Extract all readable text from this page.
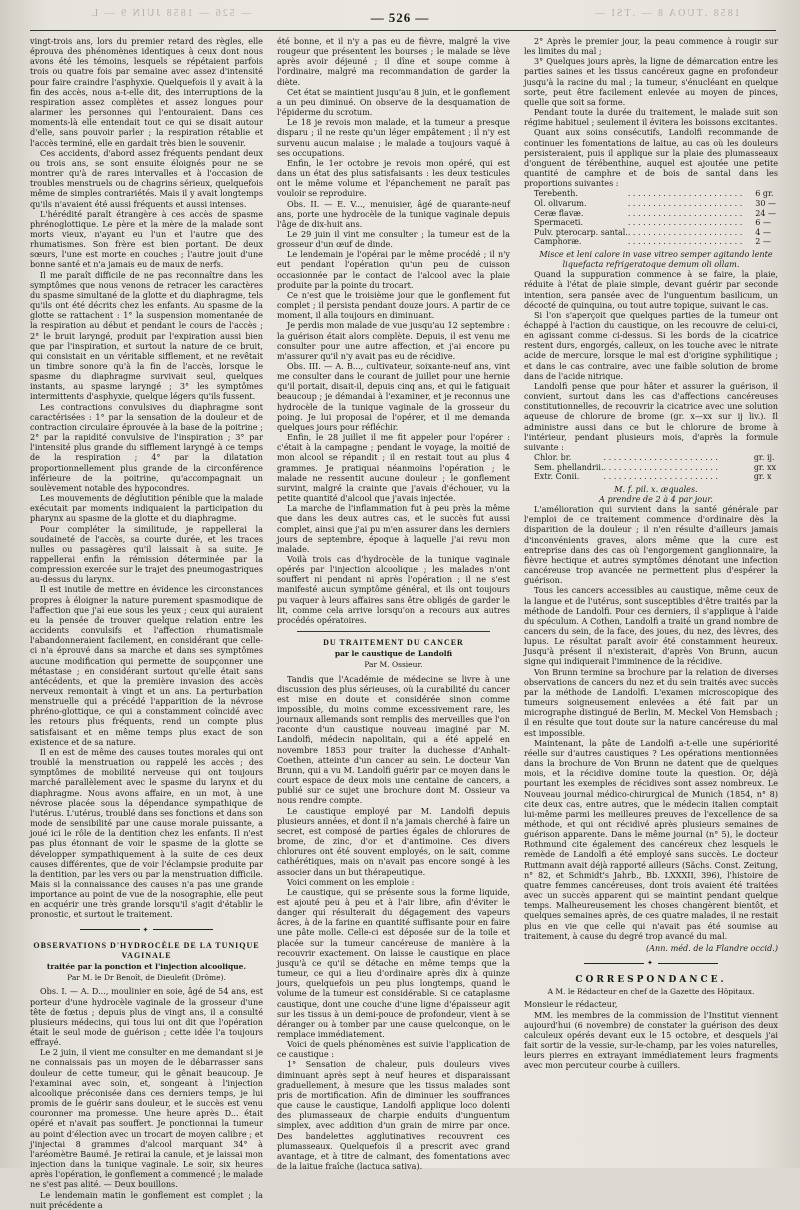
— 526 — 1858 JUIN 9 — L	1858 .TUOA 8 — .TSI —
— 526 —

vingt-trois ans, lors du premier retard des règles, elle éprouva des phénomènes identiques à ceux dont nous avons été les témoins, lesquels se répétaient parfois trois ou quatre fois par semaine avec assez d'intensité pour faire craindre l'asphyxie. Quelquefois il y avait à la fin des accès, nous a-t-elle dit, des interruptions de la respiration assez complètes et assez longues pour alarmer les personnes qui l'entouraient. Dans ces moments-là elle entendait tout ce qui se disait autour d'elle, sans pouvoir parler ; la respiration rétablie et l'accès terminé, elle en gardait très bien le souvenir.

Ces accidents, d'abord assez fréquents pendant deux ou trois ans, se sont ensuite éloignés pour ne se montrer qu'à de rares intervalles et à l'occasion de troubles menstruels ou de chagrins sérieux, quelquefois même de simples contrariétés. Mais il y avait longtemps qu'ils n'avaient été aussi fréquents et aussi intenses.

L'hérédité paraît étrangère à ces accès de spasme phrénoglottique. Le père et la mère de la malade sont morts vieux, n'ayant eu l'un et l'autre que des rhumatismes. Son frère est bien portant. De deux sœurs, l'une est morte en couches ; l'autre jouit d'une bonne santé et n'a jamais eu de maux de nerfs.

Il me paraît difficile de ne pas reconnaître dans les symptômes que nous venons de retracer les caractères du spasme simultané de la glotte et du diaphragme, tels qu'ils ont été décrits chez les enfants. Au spasme de la glotte se rattachent : 1° la suspension momentanée de la respiration au début et pendant le cours de l'accès ; 2° le bruit laryngé, produit par l'expiration aussi bien que par l'inspiration, et surtout la nature de ce bruit, qui consistait en un véritable sifflement, et ne revêtait un timbre sonore qu'à la fin de l'accès, lorsque le spasme du diaphragme survivait seul, quelques instants, au spasme laryngé ; 3° les symptômes intermittents d'asphyxie, quelque légers qu'ils fussent.

Les contractions convulsives du diaphragme sont caractérisées : 1° par la sensation de la douleur et de contraction circulaire éprouvée à la base de la poitrine ; 2° par la rapidité convulsive de l'inspiration ; 3° par l'intensité plus grande du sifflement laryngé à ce temps de la respiration ; 4° par la dilatation proportionnellement plus grande de la circonférence inférieure de la poitrine, qu'accompagnait un soulèvement notable des hypocondres.

Les mouvements de déglutition pénible que la malade exécutait par moments indiquaient la participation du pharynx au spasme de la glotte et du diaphragme.

Pour compléter la similitude, je rappellerai la soudaineté de l'accès, sa courte durée, et les traces nulles ou passagères qu'il laissait à sa suite. Je rappellerai enfin la rémission déterminée par la compression exercée sur le trajet des pneumogastriques au-dessus du larynx.

Il est inutile de mettre en évidence les circonstances propres à éloigner la nature purement spasmodique de l'affection que j'ai eue sous les yeux ; ceux qui auraient eu la pensée de trouver quelque relation entre les accidents convulsifs et l'affection rhumatismale l'abandonneraient facilement, en considérant que celle-ci n'a éprouvé dans sa marche et dans ses symptômes aucune modification qui permette de soupçonner une métastase ; en considérant surtout qu'elle était sans antécédents, et que la première invasion des accès nerveux remontait à vingt et un ans. La perturbation menstruelle qui a précédé l'apparition de la névrose phréno-glottique, ce qui a constamment coïncidé avec les retours plus fréquents, rend un compte plus satisfaisant et en même temps plus exact de son existence et de sa nature.

Il en est de même des causes toutes morales qui ont troublé la menstruation ou rappelé les accès ; des symptômes de mobilité nerveuse qui ont toujours marché parallèlement avec le spasme du larynx et du diaphragme. Nous avons affaire, en un mot, à une névrose placée sous la dépendance sympathique de l'utérus. L'utérus, troublé dans ses fonctions et dans son mode de sensibilité par une cause morale puissante, a joué ici le rôle de la dentition chez les enfants. Il n'est pas plus étonnant de voir le spasme de la glotte se développer sympathiquement à la suite de ces deux causes différentes, que de voir l'éclampsie produite par la dentition, par les vers ou par la menstruation difficile. Mais si la connaissance des causes n'a pas une grande importance au point de vue de la nosographie, elle peut en acquérir une très grande lorsqu'il s'agit d'établir le pronostic, et surtout le traitement.

✦
OBSERVATIONS D'HYDROCÈLE DE LA TUNIQUE VAGINALE
traitée par la ponction et l'injection alcoolique.
Par M. le Dr Benoît, de Dieulefit (Drôme).

Obs. I. — A. D..., moulinier en soie, âgé de 54 ans, est porteur d'une hydrocèle vaginale de la grosseur d'une tête de fœtus ; depuis plus de vingt ans, il a consulté plusieurs médecins, qui tous lui ont dit que l'opération était le seul mode de guérison ; cette idée l'a toujours effrayé.

Le 2 juin, il vient me consulter en me demandant si je ne connaissais pas un moyen de le débarrasser sans douleur de cette tumeur, qui le gênait beaucoup. Je l'examinai avec soin, et, songeant à l'injection alcoolique préconisée dans ces derniers temps, je lui promis de le guérir sans douleur, et le succès est venu couronner ma promesse. Une heure après D... était opéré et n'avait pas souffert. Je ponctionnai la tumeur au point d'élection avec un trocart de moyen calibre ; et j'injectai 8 grammes d'alcool marquant 34° à l'aréomètre Baumé. Je retirai la canule, et je laissai mon injection dans la tunique vaginale. Le soir, six heures après l'opération, le gonflement a commencé ; le malade ne s'est pas alité. — Deux bouillons.

Le lendemain matin le gonflement est complet ; la nuit précédente a

été bonne, et il n'y a pas eu de fièvre, malgré la vive rougeur que présentent les bourses ; le malade se lève après avoir déjeuné ; il dîne et soupe comme à l'ordinaire, malgré ma recommandation de garder la diète.

Cet état se maintient jusqu'au 8 juin, et le gonflement a un peu diminué. On observe de la desquamation de l'épiderme du scrotum.

Le 18 je revois mon malade, et la tumeur a presque disparu ; il ne reste qu'un léger empâtement ; il n'y est survenu aucun malaise ; le malade a toujours vaqué à ses occupations.

Enfin, le 1er octobre je revois mon opéré, qui est dans un état des plus satisfaisants : les deux testicules ont le même volume et l'épanchement ne paraît pas vouloir se reproduire.

Obs. II. — E. V..., menuisier, âgé de quarante-neuf ans, porte une hydrocèle de la tunique vaginale depuis l'âge de dix-huit ans.

Le 29 juin il vint me consulter ; la tumeur est de la grosseur d'un œuf de dinde.

Le lendemain je l'opérai par le même procédé ; il n'y eut pendant l'opération qu'un peu de cuisson occasionnée par le contact de l'alcool avec la plaie produite par la pointe du trocart.

Ce n'est que le troisième jour que le gonflement fut complet ; il persista pendant douze jours. A partir de ce moment, il alla toujours en diminuant.

Je perdis mon malade de vue jusqu'au 12 septembre : la guérison était alors complète. Depuis, il est venu me consulter pour une autre affection, et j'ai encore pu m'assurer qu'il n'y avait pas eu de récidive.

Obs. III. — A. B..., cultivateur, soixante-neuf ans, vint me consulter dans le courant de juillet pour une hernie qu'il portait, disait-il, depuis cinq ans, et qui le fatiguait beaucoup ; je démandai à l'examiner, et je reconnus une hydrocèle de la tunique vaginale de la grosseur du poing. Je lui proposai de l'opérer, et il me demanda quelques jours pour réfléchir.

Enfin, le 28 juillet il me fit appeler pour l'opérer : c'était à la campagne ; pendant le voyage, la moitié de mon alcool se répandit ; il en restait tout au plus 4 grammes. Je pratiquai néanmoins l'opération ; le malade ne ressentit aucune douleur ; le gonflement survint, malgré la crainte que j'avais d'échouer, vu la petite quantité d'alcool que j'avais injectée.

La marche de l'inflammation fut à peu près la même que dans les deux autres cas, et le succès fut aussi complet, ainsi que j'ai pu m'en assurer dans les derniers jours de septembre, époque à laquelle j'ai revu mon malade.

Voilà trois cas d'hydrocèle de la tunique vaginale opérés par l'injection alcoolique ; les malades n'ont souffert ni pendant ni après l'opération ; il ne s'est manifesté aucun symptôme général, et ils ont toujours pu vaquer à leurs affaires sans être obligés de garder le lit, comme cela arrive lorsqu'on a recours aux autres procédés opératoires.

DU TRAITEMENT DU CANCER
par le caustique de Landolfi
Par M. Ossieur.

Tandis que l'Académie de médecine se livre à une discussion des plus sérieuses, où la curabilité du cancer est mise en doute et considérée sinon comme impossible, du moins comme excessivement rare, les journaux allemands sont remplis des merveilles que l'on raconte d'un caustique nouveau imaginé par M. Landolfi, médecin napolitain, qui a été appelé en novembre 1853 pour traiter la duchesse d'Anhalt-Coethen, atteinte d'un cancer au sein. Le docteur Van Brunn, qui a vu M. Landolfi guérir par ce moyen dans le court espace de deux mois une centaine de cancers, a publié sur ce sujet une brochure dont M. Ossieur va nous rendre compte.

Le caustique employé par M. Landolfi depuis plusieurs années, et dont il n'a jamais cherché à faire un secret, est composé de parties égales de chlorures de brome, de zinc, d'or et d'antimoine. Ces divers chlorures ont été souvent employés, on le sait, comme cathérétiques, mais on n'avait pas encore songé à les associer dans un but thérapeutique.

Voici comment on les emploie :

Le caustique, qui se présente sous la forme liquide, est ajouté peu à peu et à l'air libre, afin d'éviter le danger qui résulterait du dégagement des vapeurs âcres, à de la farine en quantité suffisante pour en faire une pâte molle. Celle-ci est déposée sur de la toile et placée sur la tumeur cancéreuse de manière à la recouvrir exactement. On laisse le caustique en place jusqu'à ce qu'il se détache en même temps que la tumeur, ce qui a lieu d'ordinaire après dix à quinze jours, quelquefois un peu plus longtemps, quand le volume de la tumeur est considérable. Si ce cataplasme caustique, dont une couche d'une ligne d'épaisseur agit sur les tissus à un demi-pouce de profondeur, vient à se déranger ou à tomber par une cause quelconque, on le remplace immédiatement.

Voici de quels phénomènes est suivie l'application de ce caustique :

1° Sensation de chaleur, puis douleurs vives diminuant après sept à neuf heures et disparaissant graduellement, à mesure que les tissus malades sont pris de mortification. Afin de diminuer les souffrances que cause le caustique, Landolfi applique loco dolenti des plumasseaux de charpie enduits d'unguentum simplex, avec addition d'un grain de mirre par once. Des bandelettes agglutinatives recouvrent ces plumasseaux. Quelquefois il a prescrit avec grand avantage, et à titre de calmant, des fomentations avec de la laitue fraîche (lactuca sativa).

2° Après le premier jour, la peau commence à rougir sur les limites du mal ;

3° Quelques jours après, la ligne de démarcation entre les parties saines et les tissus cancéreux gagne en profondeur jusqu'à la racine du mal ; la tumeur, s'énucléant en quelque sorte, peut être facilement enlevée au moyen de pinces, quelle que soit sa forme.

Pendant toute la durée du traitement, le malade suit son régime habituel ; seulement il évitera les boissons excitantes.

Quant aux soins consécutifs, Landolfi recommande de continuer les fomentations de laitue, au cas où les douleurs persisteraient, puis il applique sur la plaie des plumasseaux d'onguent de térébenthine, auquel est ajoutée une petite quantité de camphre et de bois de santal dans les proportions suivantes :

Terebenth.	. . .	6 gr.
Ol. olivarum.	. . .	30 —
Ceræ flavæ.	. . .	24 —
Spermaceti.	. . .	6 —
Pulv. pterocarp. santal.	. . .	4 —
Camphoræ.	. . .	2 —

Misce et leni calore in vase vitreo semper agitando lente liquefacta refrigeratoque demum oli ollam.

Quand la suppuration commence à se faire, la plaie, réduite à l'état de plaie simple, devant guérir par seconde intention, sera pansée avec de l'unguentum basilicum, un décocté de quinquina, ou tout autre topique, suivant le cas.

Si l'on s'aperçoit que quelques parties de la tumeur ont échappé à l'action du caustique, on les recouvre de celui-ci, en agissant comme ci-dessus. Si les bords de la cicatrice restent durs, engorgés, calleux, on les touche avec le nitrate acide de mercure, lorsque le mal est d'origine syphilitique ; et dans le cas contraire, avec une faible solution de brome dans de l'acide nitrique.

Landolfi pense que pour hâter et assurer la guérison, il convient, surtout dans les cas d'affections cancéreuses constitutionnelles, de recouvrir la cicatrice avec une solution aqueuse de chlorure de brome (gr. x—xx sur ij liv.). Il administre aussi dans ce but le chlorure de brome à l'intérieur, pendant plusieurs mois, d'après la formule suivante :

Chlor. br.	. . .	gr. ij.
Sem. phellandrii.	. . .	gr. xx
Extr. Conii.	. . .	gr. x

M. f. pil. x. æquales.

A prendre de 2 à 4 par jour.

L'amélioration qui survient dans la santé générale par l'emploi de ce traitement commence d'ordinaire dès la disparition de la douleur ; il n'en résulte d'ailleurs jamais d'inconvénients graves, alors même que la cure est entreprise dans des cas où l'engorgement ganglionnaire, la fièvre hectique et autres symptômes dénotant une infection cancéreuse trop avancée ne permettent plus d'espérer la guérison.

Tous les cancers accessibles au caustique, même ceux de la langue et de l'utérus, sont susceptibles d'être traités par la méthode de Landolfi. Pour ces derniers, il s'applique à l'aide du spéculum. A Cothen, Landolfi a traité un grand nombre de cancers du sein, de la face, des joues, du nez, des lèvres, des lupus. Le résultat paraît avoir été constamment heureux. Jusqu'à présent il n'existerait, d'après Von Brunn, aucun signe qui indiquerait l'imminence de la récidive.

Von Brunn termine sa brochure par la relation de diverses observations de cancers du nez et du sein traités avec succès par la méthode de Landolfi. L'examen microscopique des tumeurs soigneusement enlevées a été fait par un micrographe distingué de Berlin, M. Meckel Von Hemsbach ; il en résulte que tout doute sur la nature cancéreuse du mal est impossible.

Maintenant, la pâte de Landolfi a-t-elle une supériorité réelle sur d'autres caustiques ? Les opérations mentionnées dans la brochure de Von Brunn ne datent que de quelques mois, et la récidive domine toute la question. Or, déjà pourtant les exemples de récidives sont assez nombreux. Le Nouveau journal médico-chirurgical de Munich (1854, n° 8) cite deux cas, entre autres, que le médecin italien comptait lui-même parmi les meilleures preuves de l'excellence de sa méthode, et qui ont récidivé après plusieurs semaines de guérison apparente. Dans le même journal (n° 5), le docteur Rothmund cite également des cancéreux chez lesquels le remède de Landolfi a été employé sans succès. Le docteur Ruttmann avait déjà rapporté ailleurs (Sächs. Const. Zeitung, n° 82, et Schmidt's Jahrb., Bb. LXXXII, 396), l'histoire de quatre femmes cancéreuses, dont trois avaient été traitées avec un succès apparent qui se maintint pendant quelque temps. Malheureusement les choses changèrent bientôt, et quelques semaines après, de ces quatre malades, il ne restait plus en vie que celle qui n'avait pas été soumise au traitement, à cause du degré trop avancé du mal.

(Ann. méd. de la Flandre occid.)
✦
CORRESPONDANCE.
A M. le Rédacteur en chef de la Gazette des Hôpitaux.

Monsieur le rédacteur,

MM. les membres de la commission de l'Institut viennent aujourd'hui (6 novembre) de constater la guérison des deux calculeux opérés devant eux le 15 octobre, et desquels j'ai fait sortir de la vessie, sur-le-champ, par les voies naturelles, leurs pierres en extrayant immédiatement leurs fragments avec mon percuteur courbe à cuillers.
